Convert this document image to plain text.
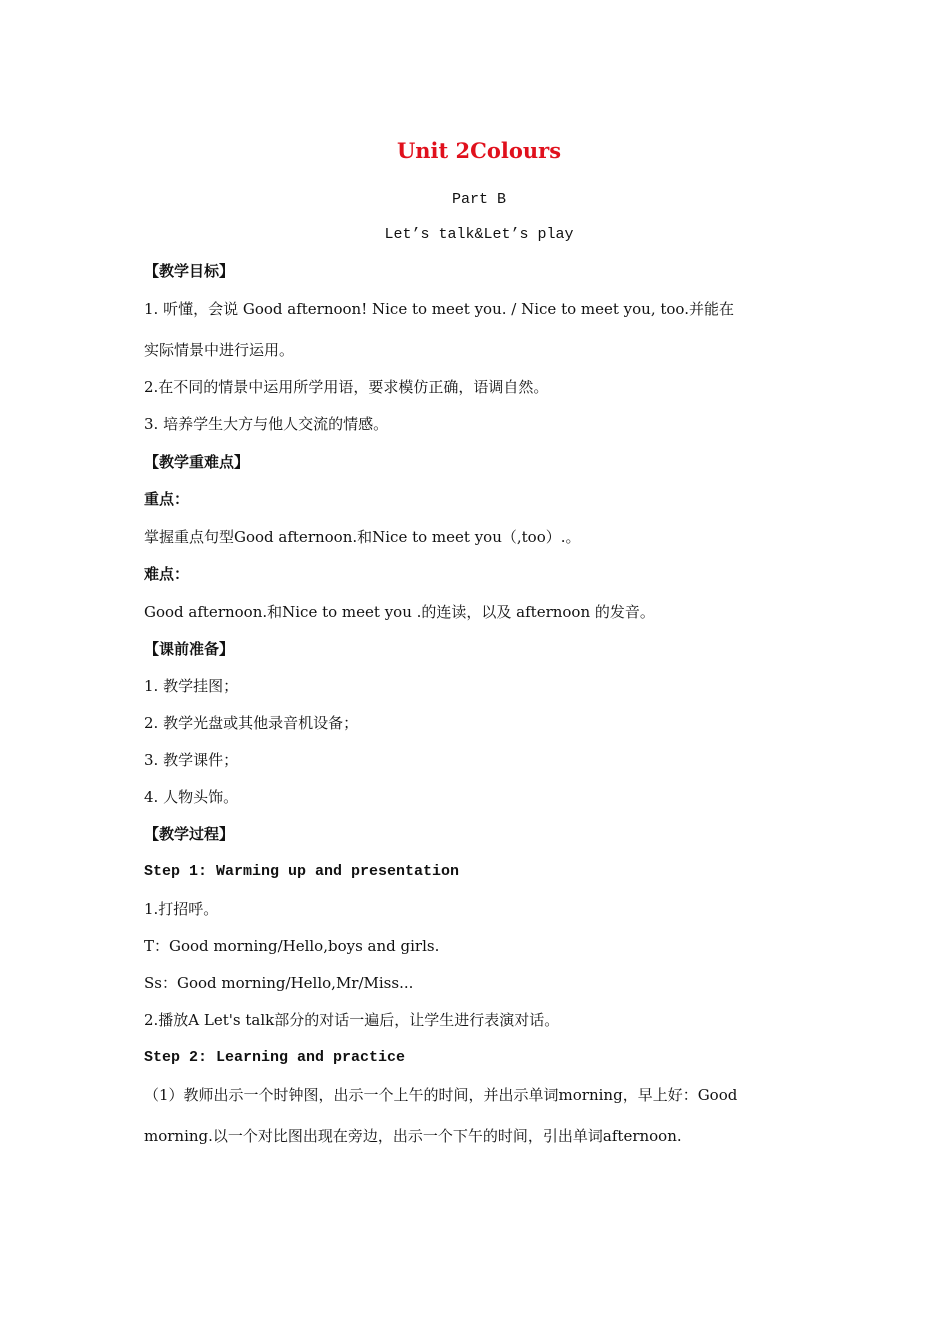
Unit 2Colours

Part B

Let’s talk&Let’s play

【教学目标】

1. 听懂，会说 Good afternoon! Nice to meet you. / Nice to meet you, too.并能在

实际情景中进行运用。

2.在不同的情景中运用所学用语，要求模仿正确，语调自然。

3. 培养学生大方与他人交流的情感。

【教学重难点】

重点：

掌握重点句型Good afternoon.和Nice to meet you（,too）.。

难点：

Good afternoon.和Nice to meet you .的连读，以及 afternoon 的发音。

【课前准备】

1. 教学挂图；

2. 教学光盘或其他录音机设备；

3. 教学课件；

4. 人物头饰。

【教学过程】

Step 1: Warming up and presentation

1.打招呼。

T：Good morning/Hello,boys and girls.

Ss：Good morning/Hello,Mr/Miss...

2.播放A Let's talk部分的对话一遍后，让学生进行表演对话。

Step 2: Learning and practice

（1）教师出示一个时钟图，出示一个上午的时间，并出示单词morning，早上好：Good

morning.以一个对比图出现在旁边，出示一个下午的时间，引出单词afternoon.
